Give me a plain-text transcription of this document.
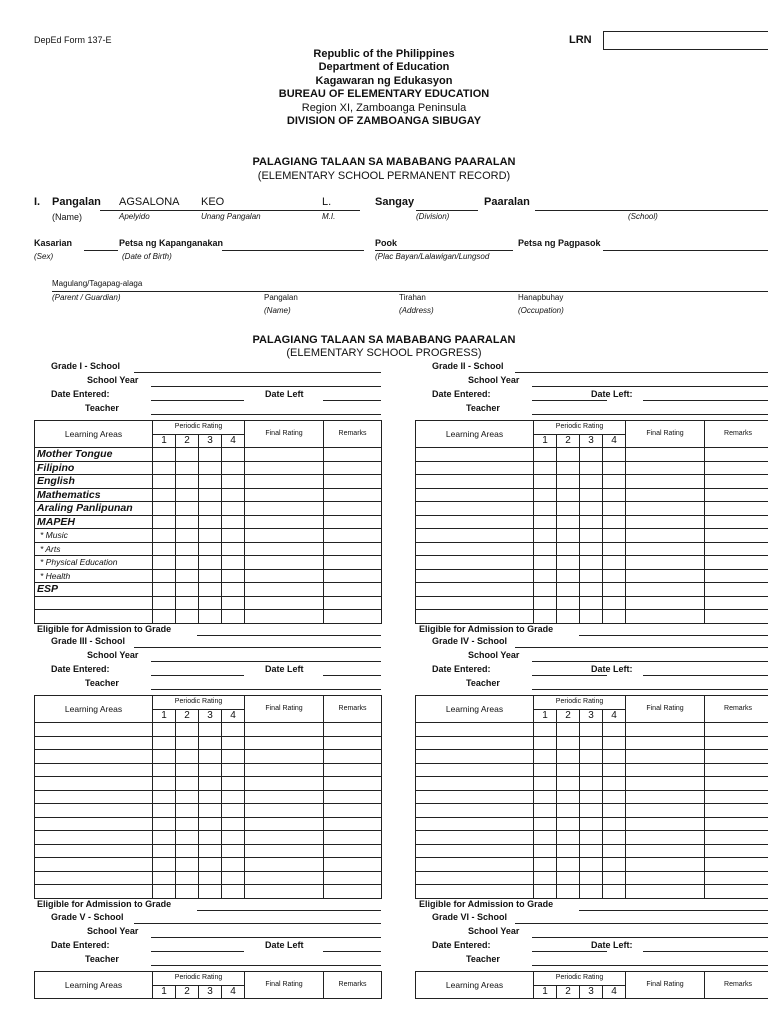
DepEd Form 137-E	LRN
Republic of the Philippines
Department of Education
Kagawaran ng Edukasyon
BUREAU OF ELEMENTARY EDUCATION
Region XI, Zamboanga Peninsula
DIVISION OF ZAMBOANGA SIBUGAY
PALAGIANG TALAAN SA MABABANG PAARALAN
(ELEMENTARY SCHOOL PERMANENT RECORD)
I. Pangalan AGSALONA KEO	L.	Sangay	Paaralan
(Name)	Apelyido	Unang Pangalan	M.I.	(Division)	(School)
Kasarian	Petsa ng Kapanganakan	Pook	Petsa ng Pagpasok
(Sex)	(Date of Birth)	(Plac Bayan/Lalawigan/Lungsod
Magulang/Tagapag-alaga
(Parent / Guardian)	Pangalan
(Name)
Tirahan
(Address)
Hanapbuhay
(Occupation)
PALAGIANG TALAAN SA MABABANG PAARALAN
(ELEMENTARY SCHOOL PROGRESS)
Grade I - School
School Year
Date Entered:	Date Left
Teacher
Learning Areas	Periodic Rating				Final Rating	Remarks
	1	2	3	4		
Mother Tongue						
Filipino						
English						
Mathematics						
Araling Panlipunan						
MAPEH						
* Music						
* Arts						
* Physical Education						
* Health						
ESP						

Eligible for Admission to Grade
Grade II - School
School Year
Date Entered:	Date Left:
Teacher
Learning Areas	Periodic Rating				Final Rating	Remarks
	1	2	3	4		

Eligible for Admission to Grade
Grade III - School
School Year
Date Entered:	Date Left
Teacher
Learning Areas	Periodic Rating				Final Rating	Remarks
	1	2	3	4		

Eligible for Admission to Grade
Grade IV - School
School Year
Date Entered:	Date Left:
Teacher
Learning Areas	Periodic Rating				Final Rating	Remarks
	1	2	3	4		

Eligible for Admission to Grade
Grade V - School
School Year
Date Entered:	Date Left
Teacher
Learning Areas	Periodic Rating				Final Rating	Remarks
	1	2	3	4		
Grade VI - School
School Year
Date Entered:	Date Left:
Teacher
Learning Areas	Periodic Rating				Final Rating	Remarks
	1	2	3	4		
